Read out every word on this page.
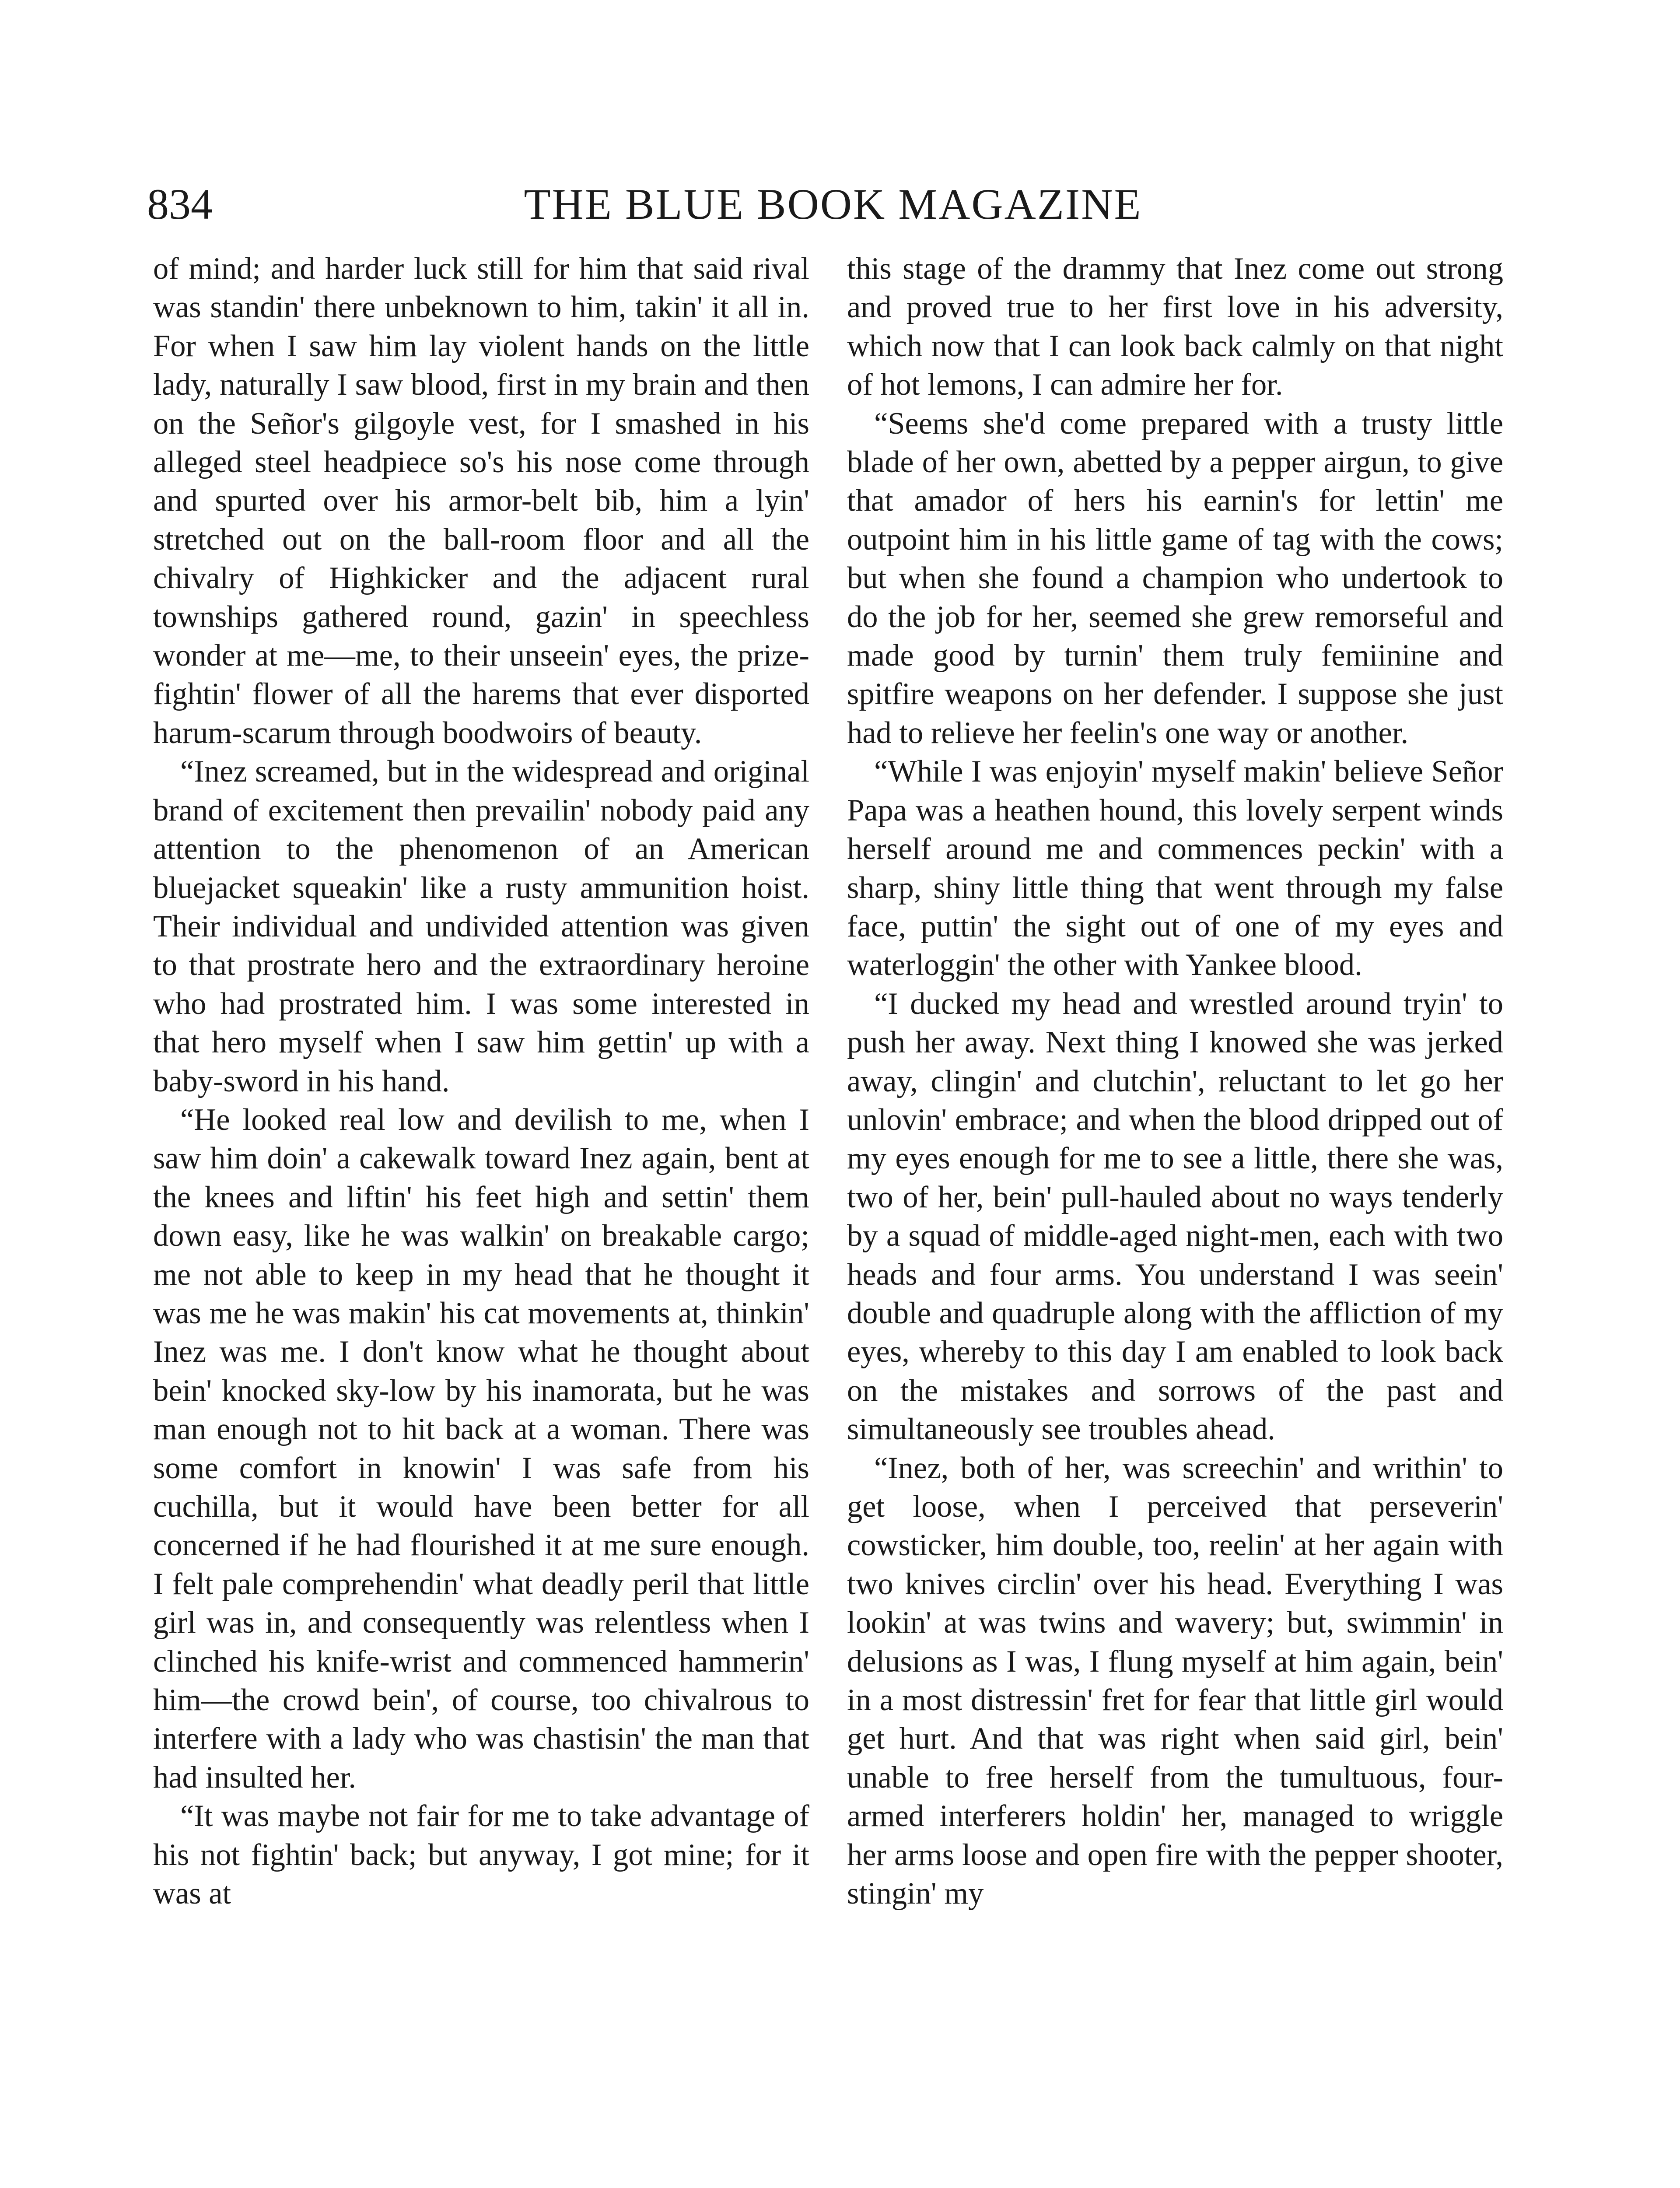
834	THE BLUE BOOK MAGAZINE

of mind; and harder luck still for him that said rival was standin' there unbeknown to him, takin' it all in. For when I saw him lay violent hands on the little lady, naturally I saw blood, first in my brain and then on the Señor's gilgoyle vest, for I smashed in his alleged steel headpiece so's his nose come through and spurted over his armor-belt bib, him a lyin' stretched out on the ball-room floor and all the chivalry of Highkicker and the adjacent rural townships gathered round, gazin' in speechless wonder at me—me, to their unseein' eyes, the prize-fightin' flower of all the harems that ever disported harum-scarum through boodwoirs of beauty.

“Inez screamed, but in the widespread and original brand of excitement then prevailin' nobody paid any attention to the phenomenon of an American bluejacket squeakin' like a rusty ammunition hoist. Their individual and undivided attention was given to that prostrate hero and the extraordinary heroine who had prostrated him. I was some interested in that hero myself when I saw him gettin' up with a baby-sword in his hand.

“He looked real low and devilish to me, when I saw him doin' a cakewalk toward Inez again, bent at the knees and liftin' his feet high and settin' them down easy, like he was walkin' on breakable cargo; me not able to keep in my head that he thought it was me he was makin' his cat movements at, thinkin' Inez was me. I don't know what he thought about bein' knocked sky-low by his inamorata, but he was man enough not to hit back at a woman. There was some comfort in knowin' I was safe from his cuchilla, but it would have been better for all concerned if he had flourished it at me sure enough. I felt pale comprehendin' what deadly peril that little girl was in, and consequently was relentless when I clinched his knife-wrist and commenced hammerin' him—the crowd bein', of course, too chivalrous to interfere with a lady who was chastisin' the man that had insulted her.

“It was maybe not fair for me to take advantage of his not fightin' back; but anyway, I got mine; for it was at

this stage of the drammy that Inez come out strong and proved true to her first love in his adversity, which now that I can look back calmly on that night of hot lemons, I can admire her for.

“Seems she'd come prepared with a trusty little blade of her own, abetted by a pepper airgun, to give that amador of hers his earnin's for lettin' me outpoint him in his little game of tag with the cows; but when she found a champion who undertook to do the job for her, seemed she grew remorseful and made good by turnin' them truly femiinine and spitfire weapons on her defender. I suppose she just had to relieve her feelin's one way or another.

“While I was enjoyin' myself makin' believe Señor Papa was a heathen hound, this lovely serpent winds herself around me and commences peckin' with a sharp, shiny little thing that went through my false face, puttin' the sight out of one of my eyes and waterloggin' the other with Yankee blood.

“I ducked my head and wrestled around tryin' to push her away. Next thing I knowed she was jerked away, clingin' and clutchin', reluctant to let go her unlovin' embrace; and when the blood dripped out of my eyes enough for me to see a little, there she was, two of her, bein' pull-hauled about no ways tenderly by a squad of middle-aged night-men, each with two heads and four arms. You understand I was seein' double and quadruple along with the affliction of my eyes, whereby to this day I am enabled to look back on the mistakes and sorrows of the past and simultaneously see troubles ahead.

“Inez, both of her, was screechin' and writhin' to get loose, when I perceived that perseverin' cowsticker, him double, too, reelin' at her again with two knives circlin' over his head. Everything I was lookin' at was twins and wavery; but, swimmin' in delusions as I was, I flung myself at him again, bein' in a most distressin' fret for fear that little girl would get hurt. And that was right when said girl, bein' unable to free herself from the tumultuous, four-armed interferers holdin' her, managed to wriggle her arms loose and open fire with the pepper shooter, stingin' my
